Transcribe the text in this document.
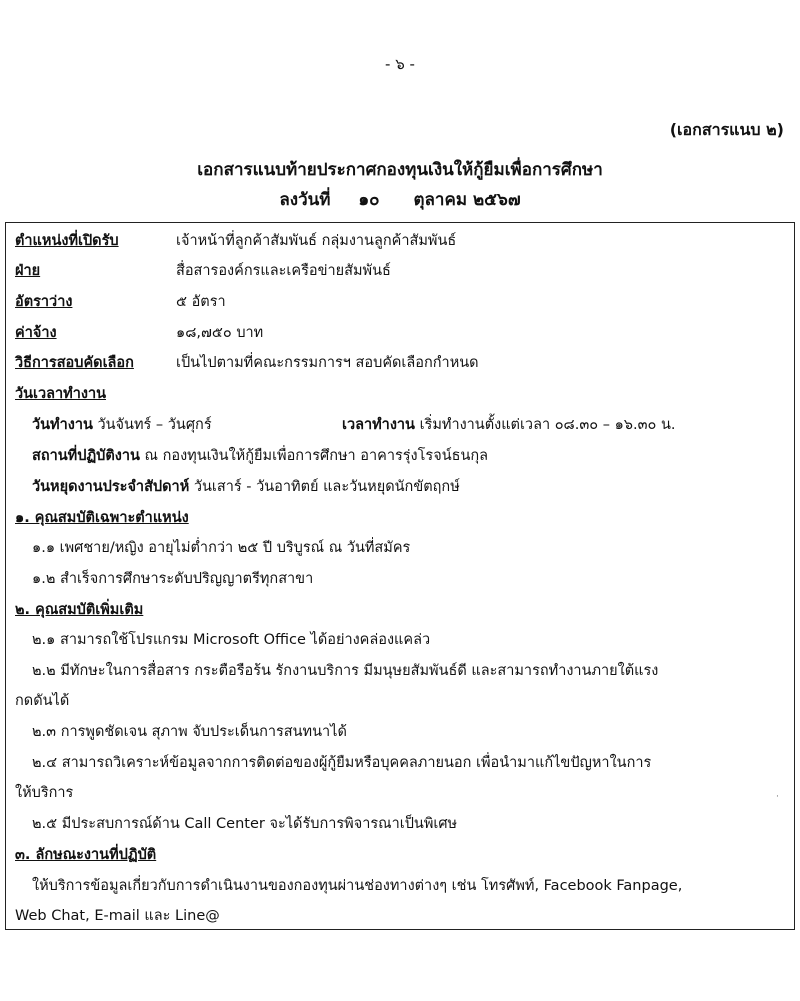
- ๖ -
(เอกสารแนบ ๒)
เอกสารแนบท้ายประกาศกองทุนเงินให้กู้ยืมเพื่อการศึกษา
ลงวันที่ ๑๐ ตุลาคม ๒๕๖๗
ตำแหน่งที่เปิดรับ	เจ้าหน้าที่ลูกค้าสัมพันธ์ กลุ่มงานลูกค้าสัมพันธ์
ฝ่าย	สื่อสารองค์กรและเครือข่ายสัมพันธ์
อัตราว่าง	๕ อัตรา
ค่าจ้าง	๑๘,๗๕๐ บาท
วิธีการสอบคัดเลือก	เป็นไปตามที่คณะกรรมการฯ สอบคัดเลือกกำหนด
วันเวลาทำงาน
วันทำงาน วันจันทร์ – วันศุกร์	เวลาทำงาน เริ่มทำงานตั้งแต่เวลา ๐๘.๓๐ – ๑๖.๓๐ น.
สถานที่ปฏิบัติงาน ณ กองทุนเงินให้กู้ยืมเพื่อการศึกษา อาคารรุ่งโรจน์ธนกุล
วันหยุดงานประจำสัปดาห์ วันเสาร์ - วันอาทิตย์ และวันหยุดนักขัตฤกษ์
๑. คุณสมบัติเฉพาะตำแหน่ง
๑.๑ เพศชาย/หญิง อายุไม่ต่ำกว่า ๒๕ ปี บริบูรณ์ ณ วันที่สมัคร
๑.๒ สำเร็จการศึกษาระดับปริญญาตรีทุกสาขา
๒. คุณสมบัติเพิ่มเติม
๒.๑ สามารถใช้โปรแกรม Microsoft Office ได้อย่างคล่องแคล่ว
๒.๒ มีทักษะในการสื่อสาร กระตือรือร้น รักงานบริการ มีมนุษยสัมพันธ์ดี และสามารถทำงานภายใต้แรง
กดดันได้
๒.๓ การพูดชัดเจน สุภาพ จับประเด็นการสนทนาได้
๒.๔ สามารถวิเคราะห์ข้อมูลจากการติดต่อของผู้กู้ยืมหรือบุคคลภายนอก เพื่อนำมาแก้ไขปัญหาในการ
ให้บริการ
๒.๕ มีประสบการณ์ด้าน Call Center จะได้รับการพิจารณาเป็นพิเศษ
๓. ลักษณะงานที่ปฏิบัติ
ให้บริการข้อมูลเกี่ยวกับการดำเนินงานของกองทุนผ่านช่องทางต่างๆ เช่น โทรศัพท์, Facebook Fanpage,
Web Chat, E-mail และ Line@
·
